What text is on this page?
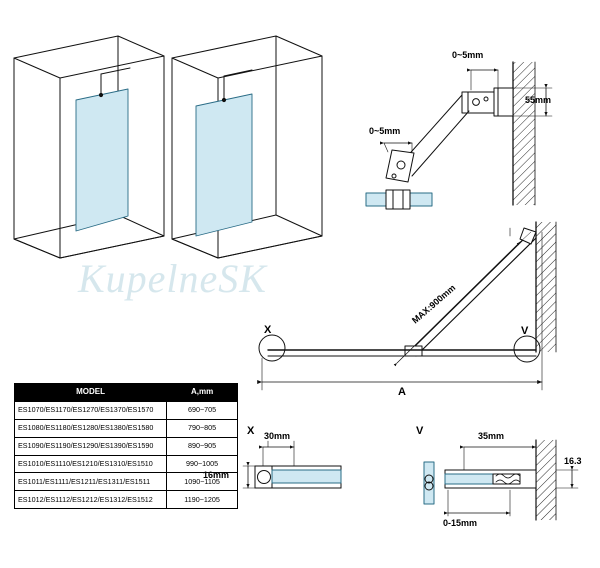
KupelneSK
0~5mm
55mm
0~5mm
MAX:900mm
A
X	V
X	V
30mm
16mm
35mm
16.3
0-15mm
MODEL	A,mm
ES1070/ES1170/ES1270/ES1370/ES1570	690~705
ES1080/ES1180/ES1280/ES1380/ES1580	790~805
ES1090/ES1190/ES1290/ES1390/ES1590	890~905
ES1010/ES1110/ES1210/ES1310/ES1510	990~1005
ES1011/ES1111/ES1211/ES1311/ES1511	1090~1105
ES1012/ES1112/ES1212/ES1312/ES1512	1190~1205
